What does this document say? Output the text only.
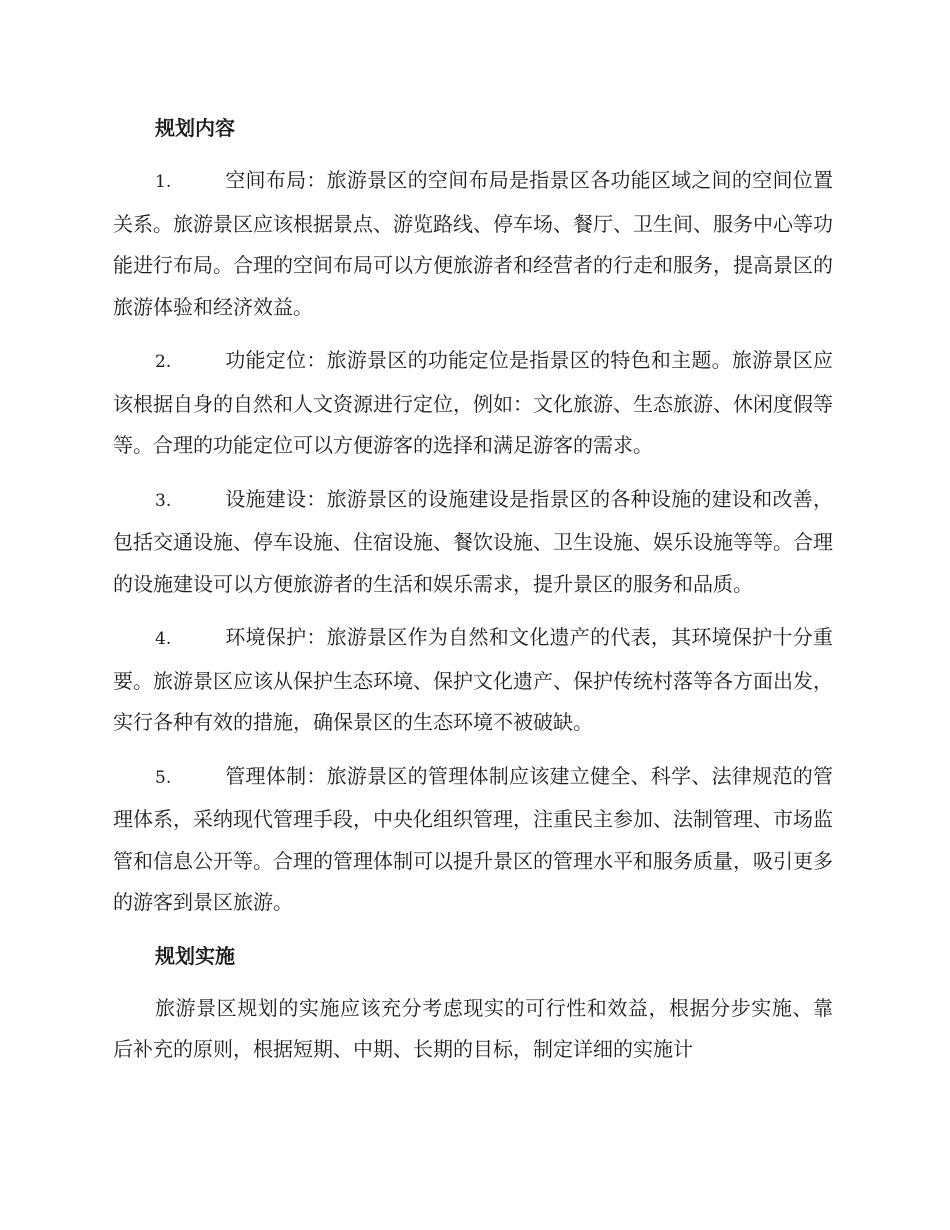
规划内容

1.	空间布局：旅游景区的空间布局是指景区各功能区域之间的空间位置关系。旅游景区应该根据景点、游览路线、停车场、餐厅、卫生间、服务中心等功能进行布局。合理的空间布局可以方便旅游者和经营者的行走和服务，提高景区的旅游体验和经济效益。

2.	功能定位：旅游景区的功能定位是指景区的特色和主题。旅游景区应该根据自身的自然和人文资源进行定位，例如：文化旅游、生态旅游、休闲度假等等。合理的功能定位可以方便游客的选择和满足游客的需求。

3.	设施建设：旅游景区的设施建设是指景区的各种设施的建设和改善，包括交通设施、停车设施、住宿设施、餐饮设施、卫生设施、娱乐设施等等。合理的设施建设可以方便旅游者的生活和娱乐需求，提升景区的服务和品质。

4.	环境保护：旅游景区作为自然和文化遗产的代表，其环境保护十分重要。旅游景区应该从保护生态环境、保护文化遗产、保护传统村落等各方面出发，实行各种有效的措施，确保景区的生态环境不被破缺。

5.	管理体制：旅游景区的管理体制应该建立健全、科学、法律规范的管理体系，采纳现代管理手段，中央化组织管理，注重民主参加、法制管理、市场监管和信息公开等。合理的管理体制可以提升景区的管理水平和服务质量，吸引更多的游客到景区旅游。

规划实施

旅游景区规划的实施应该充分考虑现实的可行性和效益，根据分步实施、靠后补充的原则，根据短期、中期、长期的目标，制定详细的实施计
